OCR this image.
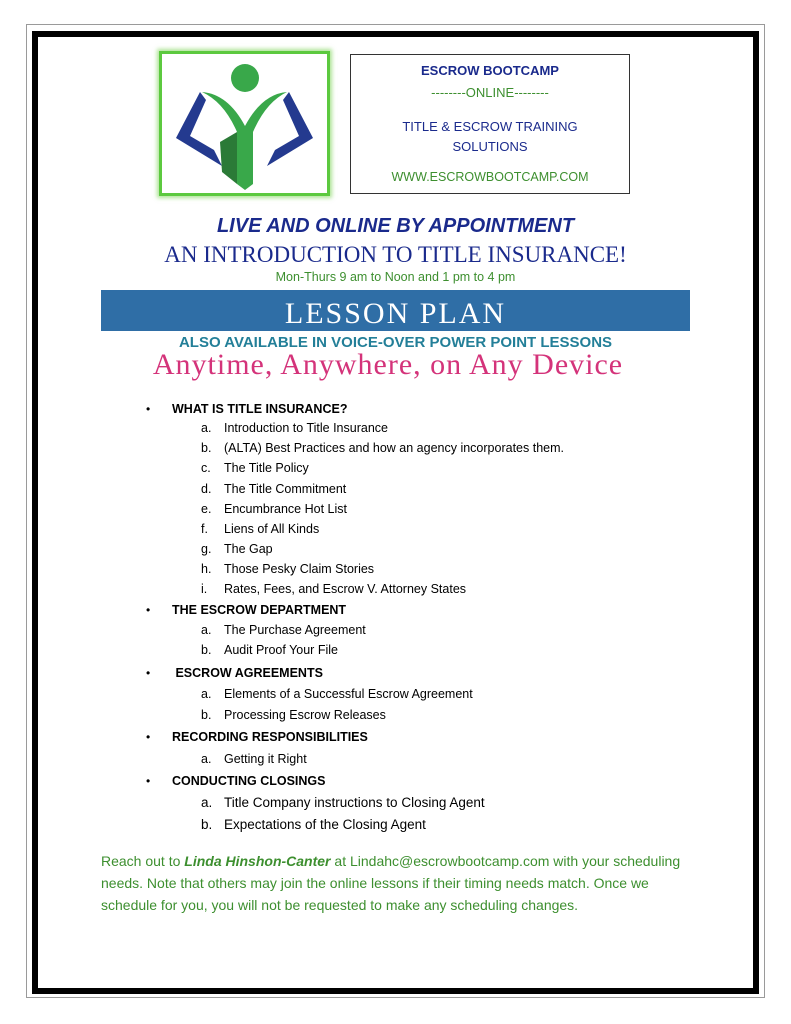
ESCROW BOOTCAMP
--------ONLINE--------
TITLE & ESCROW TRAINING SOLUTIONS
WWW.ESCROWBOOTCAMP.COM
LIVE AND ONLINE BY APPOINTMENT
AN INTRODUCTION TO TITLE INSURANCE!
Mon-Thurs 9 am to Noon and 1 pm to 4 pm
LESSON PLAN
ALSO AVAILABLE IN VOICE-OVER POWER POINT LESSONS
Anytime, Anywhere, on Any Device
• WHAT IS TITLE INSURANCE?
a. Introduction to Title Insurance
b. (ALTA) Best Practices and how an agency incorporates them.
c. The Title Policy
d. The Title Commitment
e. Encumbrance Hot List
f. Liens of All Kinds
g. The Gap
h. Those Pesky Claim Stories
i. Rates, Fees, and Escrow V. Attorney States
• THE ESCROW DEPARTMENT
a. The Purchase Agreement
b. Audit Proof Your File
• ESCROW AGREEMENTS
a. Elements of a Successful Escrow Agreement
b. Processing Escrow Releases
• RECORDING RESPONSIBILITIES
a. Getting it Right
• CONDUCTING CLOSINGS
a. Title Company instructions to Closing Agent
b. Expectations of the Closing Agent
Reach out to Linda Hinshon-Canter at Lindahc@escrowbootcamp.com with your scheduling needs. Note that others may join the online lessons if their timing needs match. Once we schedule for you, you will not be requested to make any scheduling changes.
